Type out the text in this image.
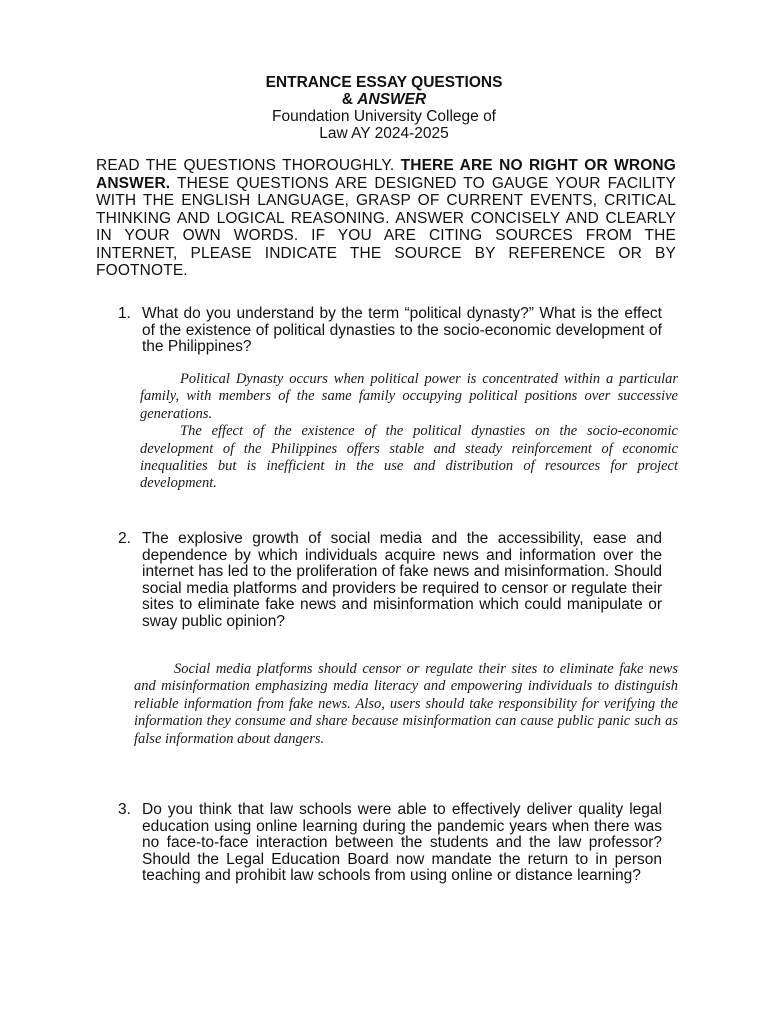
ENTRANCE ESSAY QUESTIONS
& ANSWER
Foundation University College of
Law AY 2024-2025
READ THE QUESTIONS THOROUGHLY. THERE ARE NO RIGHT OR WRONG ANSWER. THESE QUESTIONS ARE DESIGNED TO GAUGE YOUR FACILITY WITH THE ENGLISH LANGUAGE, GRASP OF CURRENT EVENTS, CRITICAL THINKING AND LOGICAL REASONING. ANSWER CONCISELY AND CLEARLY IN YOUR OWN WORDS. IF YOU ARE CITING SOURCES FROM THE INTERNET, PLEASE INDICATE THE SOURCE BY REFERENCE OR BY FOOTNOTE.
1. What do you understand by the term “political dynasty?” What is the effect of the existence of political dynasties to the socio-economic development of the Philippines?

Political Dynasty occurs when political power is concentrated within a particular family, with members of the same family occupying political positions over successive generations.

The effect of the existence of the political dynasties on the socio-economic development of the Philippines offers stable and steady reinforcement of economic inequalities but is inefficient in the use and distribution of resources for project development.

2. The explosive growth of social media and the accessibility, ease and dependence by which individuals acquire news and information over the internet has led to the proliferation of fake news and misinformation. Should social media platforms and providers be required to censor or regulate their sites to eliminate fake news and misinformation which could manipulate or sway public opinion?

Social media platforms should censor or regulate their sites to eliminate fake news and misinformation emphasizing media literacy and empowering individuals to distinguish reliable information from fake news. Also, users should take responsibility for verifying the information they consume and share because misinformation can cause public panic such as false information about dangers.

3. Do you think that law schools were able to effectively deliver quality legal education using online learning during the pandemic years when there was no face-to-face interaction between the students and the law professor? Should the Legal Education Board now mandate the return to in person teaching and prohibit law schools from using online or distance learning?
